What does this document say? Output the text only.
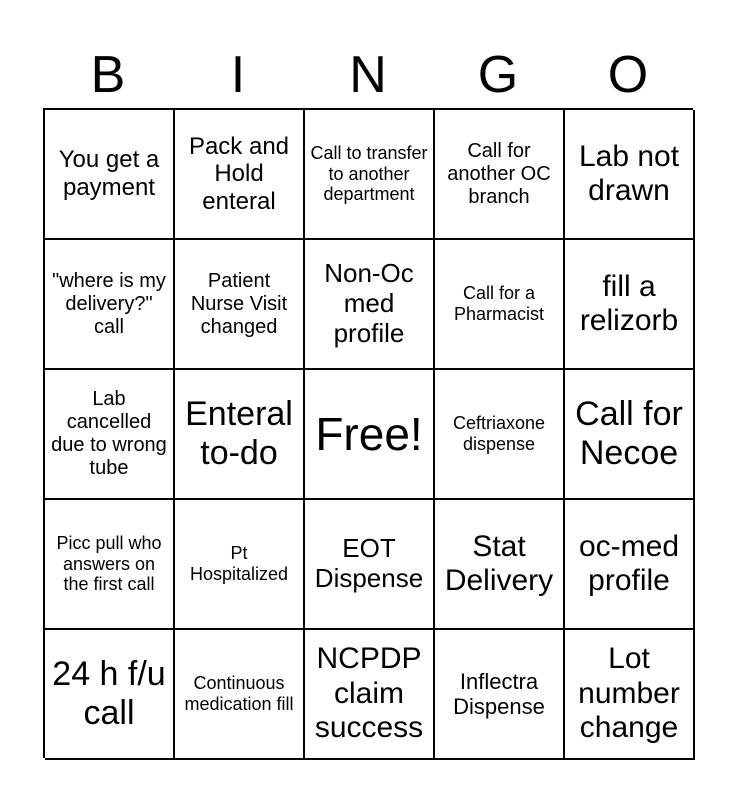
B	I	N	G	O
You get a payment
Pack and Hold enteral
Call to transfer to another department
Call for another OC branch
Lab not drawn
"where is my delivery?" call
Patient Nurse Visit changed
Non-Oc med profile
Call for a Pharmacist
fill a relizorb
Lab cancelled due to wrong tube
Enteral to-do Free!	Ceftriaxone dispense
Call for Necoe
Picc pull who answers on the first call
Pt Hospitalized
EOT Dispense
Stat Delivery
oc-med profile
24 h f/u call
Continuous medication fill
NCPDP claim success
Inflectra Dispense
Lot number change
